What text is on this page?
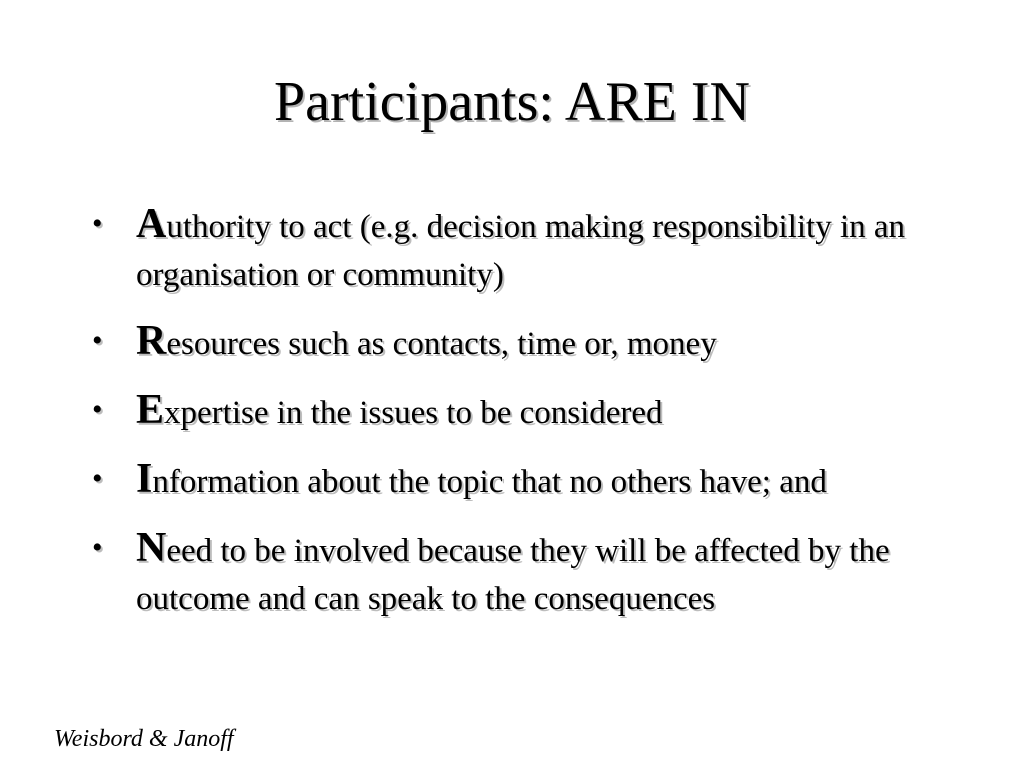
Participants: ARE IN
• Authority to act (e.g. decision making responsibility in an organisation or community)
• Resources such as contacts, time or, money
• Expertise in the issues to be considered
• Information about the topic that no others have; and
• Need to be involved because they will be affected by the outcome and can speak to the consequences
Weisbord & Janoff
